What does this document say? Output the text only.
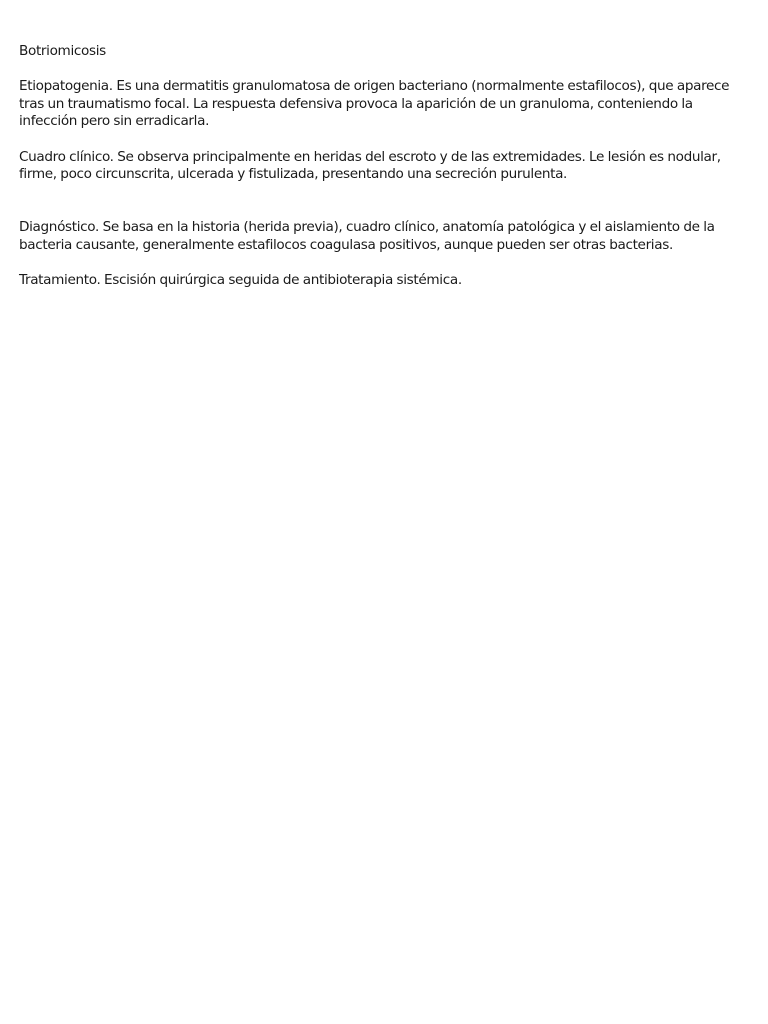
Botriomicosis

Etiopatogenia. Es una dermatitis granulomatosa de origen bacteriano (normalmente estafilocos), que aparece tras un traumatismo focal. La respuesta defensiva provoca la aparición de un granuloma, conteniendo la infección pero sin erradicarla.

Cuadro clínico. Se observa principalmente en heridas del escroto y de las extremidades. Le lesión es nodular, firme, poco circunscrita, ulcerada y fistulizada, presentando una secreción purulenta.

Diagnóstico. Se basa en la historia (herida previa), cuadro clínico, anatomía patológica y el aislamiento de la bacteria causante, generalmente estafilocos coagulasa positivos, aunque pueden ser otras bacterias.

Tratamiento. Escisión quirúrgica seguida de antibioterapia sistémica.
